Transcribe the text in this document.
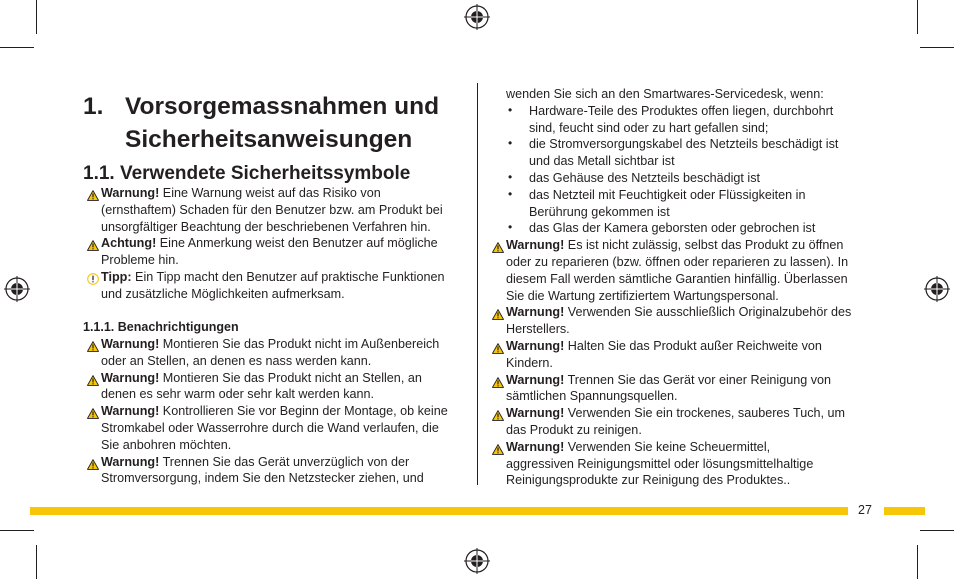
1. Vorsorgemassnahmen und
Sicherheitsanweisungen
1.1. Verwendete Sicherheitssymbole
1.1.1. Benachrichtigungen
Warnung! Eine Warnung weist auf das Risiko von
(ernsthaftem) Schaden für den Benutzer bzw. am Produkt bei
unsorgfältiger Beachtung der beschriebenen Verfahren hin.
Achtung! Eine Anmerkung weist den Benutzer auf mögliche
Probleme hin.
Tipp: Ein Tipp macht den Benutzer auf praktische Funktionen
und zusätzliche Möglichkeiten aufmerksam.
Warnung! Montieren Sie das Produkt nicht im Außenbereich
oder an Stellen, an denen es nass werden kann.
Warnung! Montieren Sie das Produkt nicht an Stellen, an
denen es sehr warm oder sehr kalt werden kann.
Warnung! Kontrollieren Sie vor Beginn der Montage, ob keine
Stromkabel oder Wasserrohre durch die Wand verlaufen, die
Sie anbohren möchten.
Warnung! Trennen Sie das Gerät unverzüglich von der
Stromversorgung, indem Sie den Netzstecker ziehen, und
wenden Sie sich an den Smartwares-Servicedesk, wenn:
• Hardware-Teile des Produktes offen liegen, durchbohrt
sind, feucht sind oder zu hart gefallen sind;
• die Stromversorgungskabel des Netzteils beschädigt ist
und das Metall sichtbar ist
• das Gehäuse des Netzteils beschädigt ist
• das Netzteil mit Feuchtigkeit oder Flüssigkeiten in
Berührung gekommen ist
• das Glas der Kamera geborsten oder gebrochen ist
Warnung! Es ist nicht zulässig, selbst das Produkt zu öffnen
oder zu reparieren (bzw. öffnen oder reparieren zu lassen). In
diesem Fall werden sämtliche Garantien hinfällig. Überlassen
Sie die Wartung zertifiziertem Wartungspersonal.
Warnung! Verwenden Sie ausschließlich Originalzubehör des
Herstellers.
Warnung! Halten Sie das Produkt außer Reichweite von
Kindern.
Warnung! Trennen Sie das Gerät vor einer Reinigung von
sämtlichen Spannungsquellen.
Warnung! Verwenden Sie ein trockenes, sauberes Tuch, um
das Produkt zu reinigen.
Warnung! Verwenden Sie keine Scheuermittel,
aggressiven Reinigungsmittel oder lösungsmittelhaltige
Reinigungsprodukte zur Reinigung des Produktes..
27
